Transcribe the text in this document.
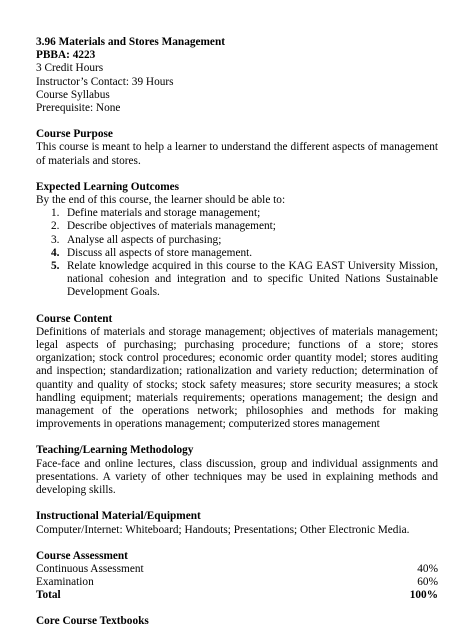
3.96 Materials and Stores Management
PBBA: 4223
3 Credit Hours
Instructor’s Contact: 39 Hours
Course Syllabus
Prerequisite: None
Course Purpose
This course is meant to help a learner to understand the different aspects of management of materials and stores.
Expected Learning Outcomes
By the end of this course, the learner should be able to:
1. Define materials and storage management;
2. Describe objectives of materials management;
3. Analyse all aspects of purchasing;
4. Discuss all aspects of store management.
5. Relate knowledge acquired in this course to the KAG EAST University Mission, national cohesion and integration and to specific United Nations Sustainable Development Goals.
Course Content
Definitions of materials and storage management; objectives of materials management; legal aspects of purchasing; purchasing procedure; functions of a store; stores organization; stock control procedures; economic order quantity model; stores auditing and inspection; standardization; rationalization and variety reduction; determination of quantity and quality of stocks; stock safety measures; store security measures; a stock handling equipment; materials requirements; operations management; the design and management of the operations network; philosophies and methods for making improvements in operations management; computerized stores management
Teaching/Learning Methodology
Face-face and online lectures, class discussion, group and individual assignments and presentations. A variety of other techniques may be used in explaining methods and developing skills.
Instructional Material/Equipment
Computer/Internet: Whiteboard; Handouts; Presentations; Other Electronic Media.
Course Assessment
Continuous Assessment	40%
Examination	60%
Total	100%
Core Course Textbooks
